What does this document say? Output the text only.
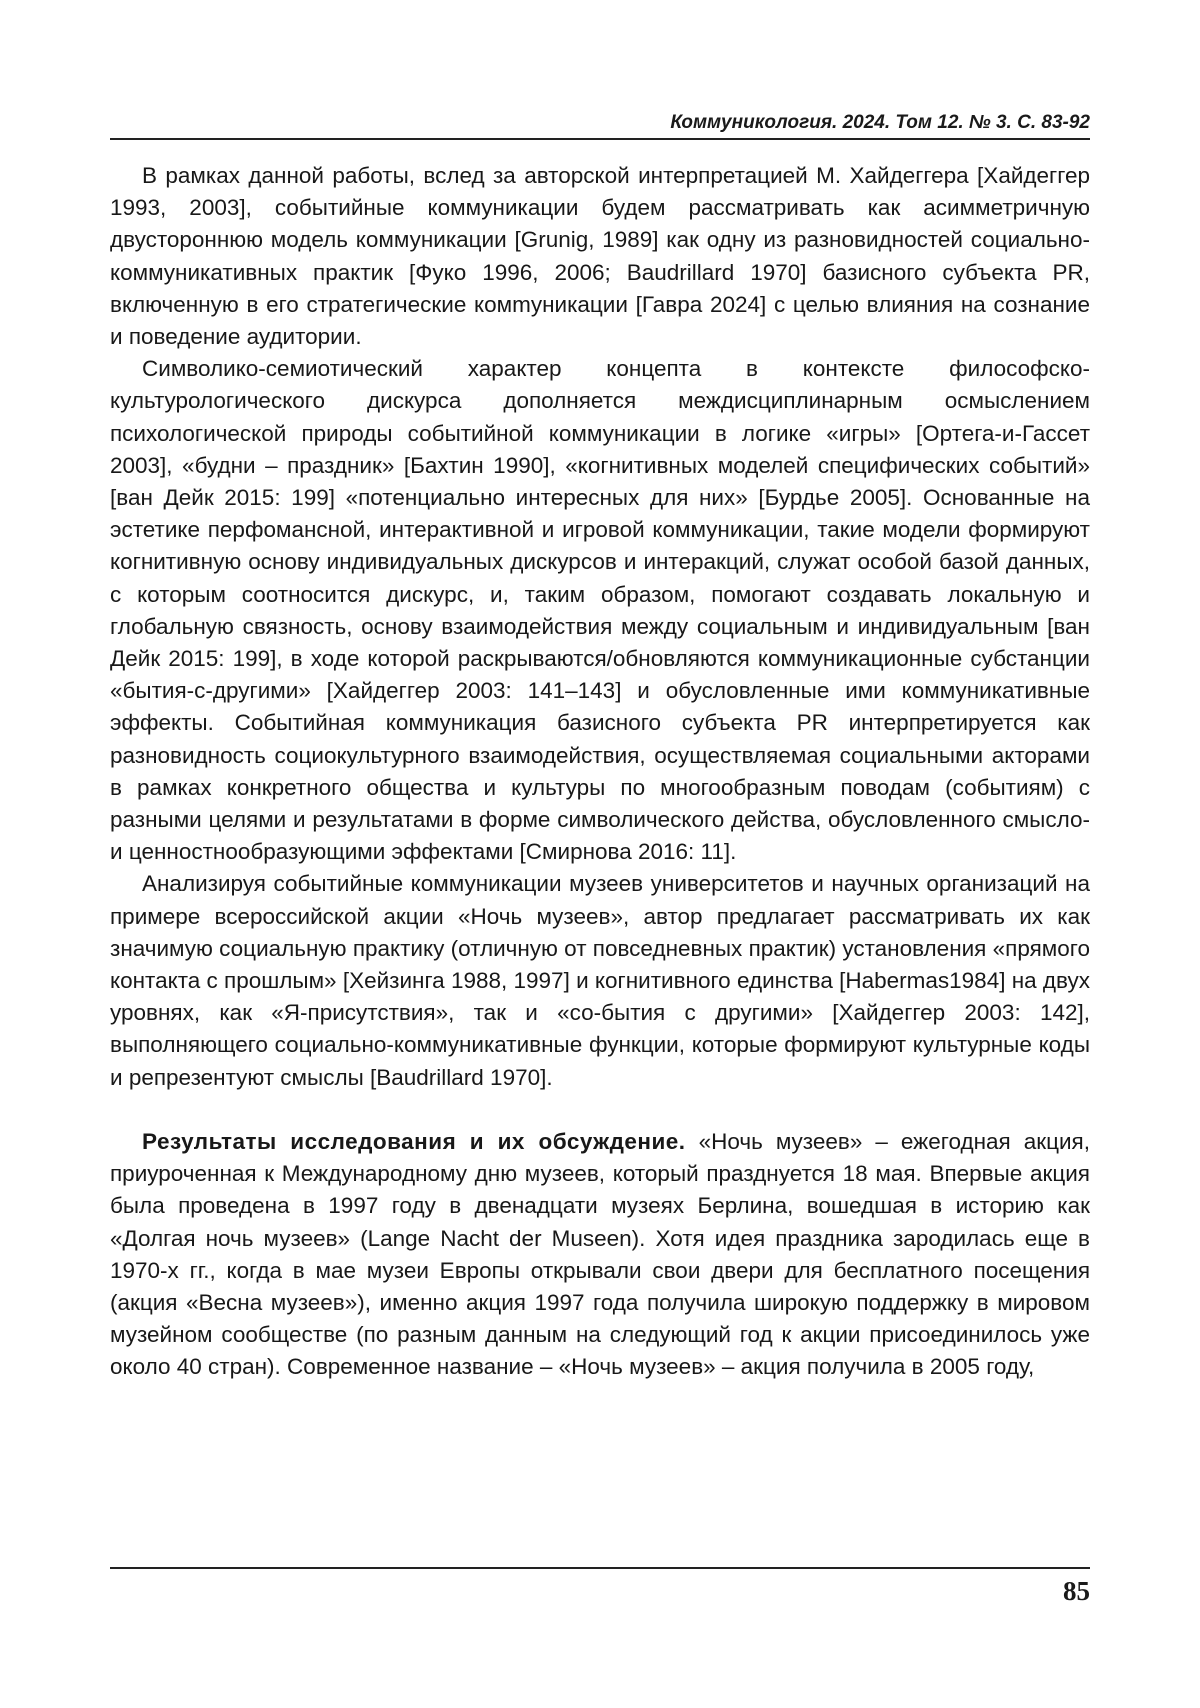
Коммуникология. 2024. Том 12. № 3. С. 83-92

В рамках данной работы, вслед за авторской интерпретацией М. Хайдеггера [Хайдеггер 1993, 2003], событийные коммуникации будем рассматривать как асимметричную двустороннюю модель коммуникации [Grunig, 1989] как одну из разновидностей социально-коммуникативных практик [Фуко 1996, 2006; Baudrillard 1970] базисного субъекта PR, включенную в его стратегические комmуникации [Гавра 2024] с целью влияния на сознание и поведение аудитории.

Символико-семиотический характер концепта в контексте философско-культурологического дискурса дополняется междисциплинарным осмыслением психологической природы событийной коммуникации в логике «игры» [Ортега-и-Гассет 2003], «будни – праздник» [Бахтин 1990], «когнитивных моделей специфических событий» [ван Дейк 2015: 199] «потенциально интересных для них» [Бурдье 2005]. Основанные на эстетике перфомансной, интерактивной и игровой коммуникации, такие модели формируют когнитивную основу индивидуальных дискурсов и интеракций, служат особой базой данных, с которым соотносится дискурс, и, таким образом, помогают создавать локальную и глобальную связность, основу взаимодействия между социальным и индивидуальным [ван Дейк 2015: 199], в ходе которой раскрываются/обновляются коммуникационные субстанции «бытия-с-другими» [Хайдеггер 2003: 141–143] и обусловленные ими коммуникативные эффекты. Событийная коммуникация базисного субъекта PR интерпретируется как разновидность социокультурного взаимодействия, осуществляемая социальными акторами в рамках конкретного общества и культуры по многообразным поводам (событиям) с разными целями и результатами в форме символического действа, обусловленного смысло- и ценностнообразующими эффектами [Смирнова 2016: 11].

Анализируя событийные коммуникации музеев университетов и научных организаций на примере всероссийской акции «Ночь музеев», автор предлагает рассматривать их как значимую социальную практику (отличную от повседневных практик) установления «прямого контакта с прошлым» [Хейзинга 1988, 1997] и когнитивного единства [Habermas1984] на двух уровнях, как «Я-присутствия», так и «со-бытия с другими» [Хайдеггер 2003: 142], выполняющего социально-коммуникативные функции, которые формируют культурные коды и репрезентуют смыслы [Baudrillard 1970].

Результаты исследования и их обсуждение. «Ночь музеев» – ежегодная акция, приуроченная к Международному дню музеев, который празднуется 18 мая. Впервые акция была проведена в 1997 году в двенадцати музеях Берлина, вошедшая в историю как «Долгая ночь музеев» (Lange Nacht der Museen). Хотя идея праздника зародилась еще в 1970-х гг., когда в мае музеи Европы открывали свои двери для бесплатного посещения (акция «Весна музеев»), именно акция 1997 года получила широкую поддержку в мировом музейном сообществе (по разным данным на следующий год к акции присоединилось уже около 40 стран). Современное название – «Ночь музеев» – акция получила в 2005 году,

85
